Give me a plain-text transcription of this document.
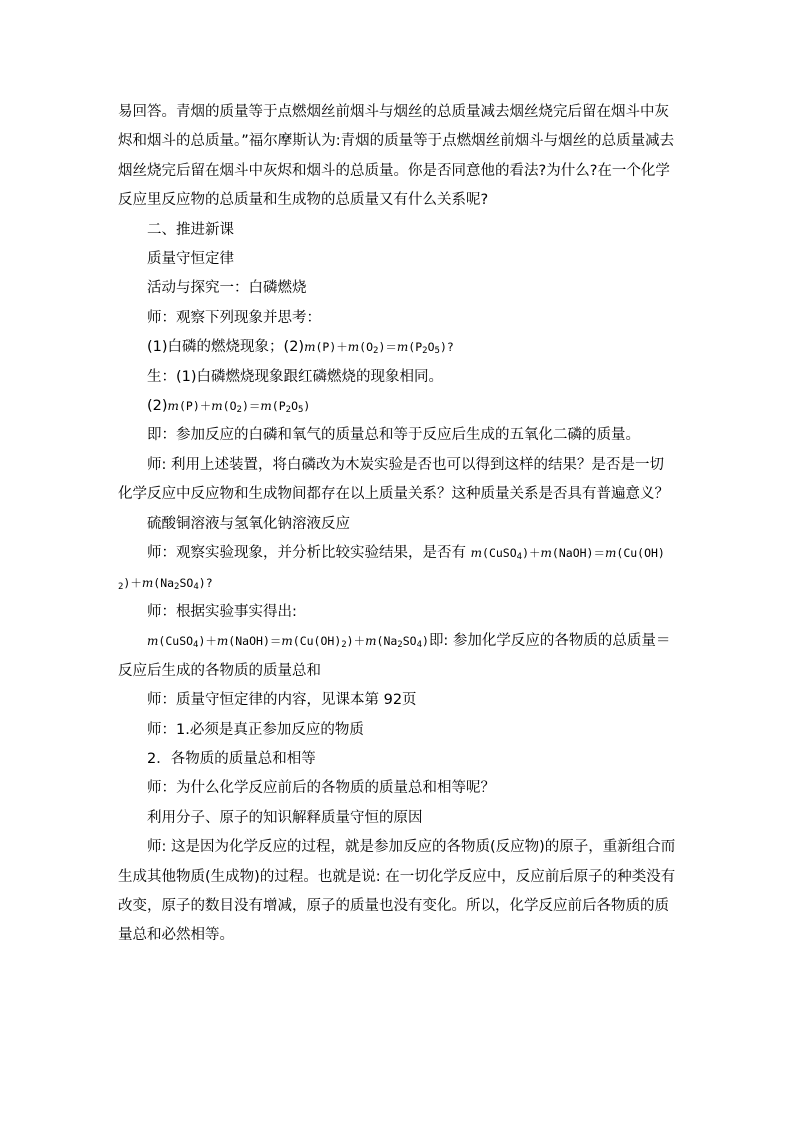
易回答。青烟的质量等于点燃烟丝前烟斗与烟丝的总质量减去烟丝烧完后留在烟斗中灰烬和烟斗的总质量。”福尔摩斯认为:青烟的质量等于点燃烟丝前烟斗与烟丝的总质量减去烟丝烧完后留在烟斗中灰烬和烟斗的总质量。你是否同意他的看法?为什么?在一个化学反应里反应物的总质量和生成物的总质量又有什么关系呢?

二、推进新课

质量守恒定律

活动与探究一：白磷燃烧

师：观察下列现象并思考：

(1)白磷的燃烧现象；$(2)m(P)+m(O_2)=m(P_2O_5)$?

生：(1)白磷燃烧现象跟红磷燃烧的现象相同。

$(2)m(P)+m(O_2)=m(P_2O_5)$

即：参加反应的白磷和氧气的质量总和等于反应后生成的五氧化二磷的质量。

师: 利用上述装置，将白磷改为木炭实验是否也可以得到这样的结果？是否是一切化学反应中反应物和生成物间都存在以上质量关系？这种质量关系是否具有普遍意义？

硫酸铜溶液与氢氧化钠溶液反应

师：观察实验现象，并分析比较实验结果，是否有 $m(CuSO_4)+m(NaOH)=m(Cu(OH)_2)+m(Na_2SO_4)$?

师：根据实验事实得出:

$m(CuSO_4)+m(NaOH)=m(Cu(OH)_2)+m(Na_2SO_4)$即: 参加化学反应的各物质的总质量＝反应后生成的各物质的质量总和

师：质量守恒定律的内容，见课本第 92页

师：1.必须是真正参加反应的物质

2．各物质的质量总和相等

师：为什么化学反应前后的各物质的质量总和相等呢？

利用分子、原子的知识解释质量守恒的原因

师: 这是因为化学反应的过程，就是参加反应的各物质(反应物)的原子，重新组合而生成其他物质(生成物)的过程。也就是说: 在一切化学反应中，反应前后原子的种类没有改变，原子的数目没有增减，原子的质量也没有变化。所以，化学反应前后各物质的质量总和必然相等。
